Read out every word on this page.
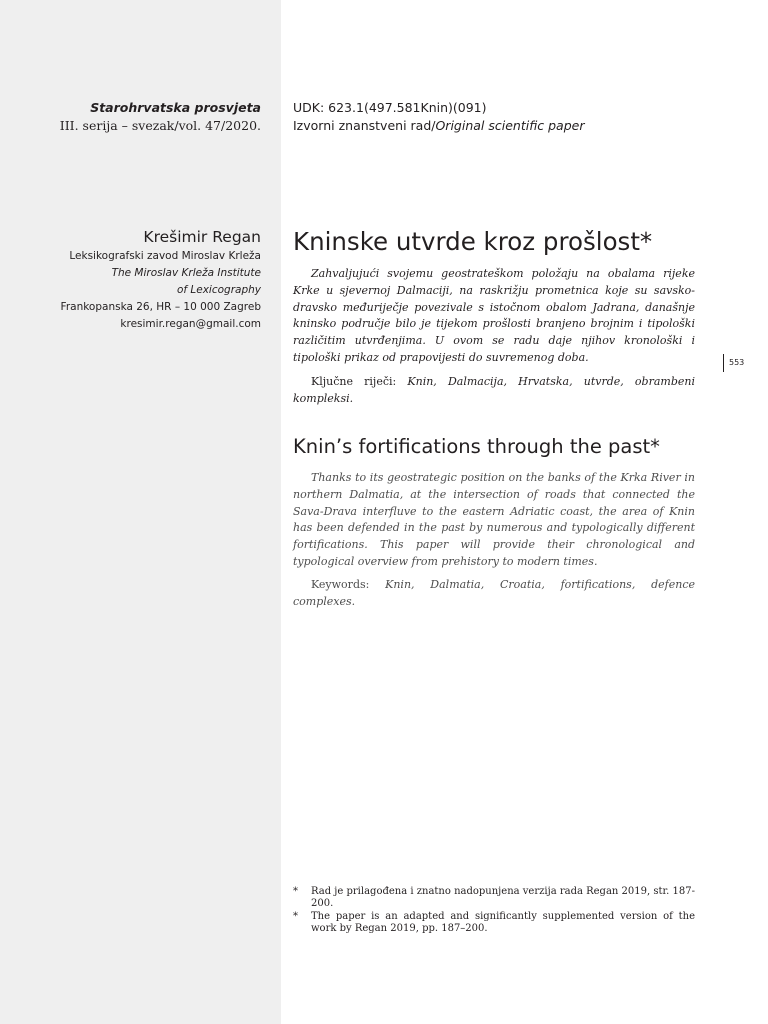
Starohrvatska prosvjeta
III. serija – svezak/vol. 47/2020.
Krešimir Regan
Leksikografski zavod Miroslav Krleža
The Miroslav Krleža Institute
of Lexicography
Frankopanska 26, HR – 10 000 Zagreb
kresimir.regan@gmail.com
UDK: 623.1(497.581Knin)(091)
Izvorni znanstveni rad/Original scientific paper
Kninske utvrde kroz prošlost*

Zahvaljujući svojemu geostrateškom položaju na obalama rijeke Krke u sjevernoj Dalmaciji, na raskrižju prometnica koje su savsko-dravsko međuriječje povezivale s istočnom obalom Jadrana, današnje kninsko područje bilo je tijekom prošlosti branjeno brojnim i tipološki različitim utvrđenjima. U ovom se radu daje njihov kronološki i tipološki prikaz od prapovijesti do suvremenog doba.

Ključne riječi: Knin, Dalmacija, Hrvatska, utvrde, obrambeni kompleksi.

553
Knin’s fortifications through the past*

Thanks to its geostrategic position on the banks of the Krka River in northern Dalmatia, at the intersection of roads that connected the Sava-Drava interfluve to the eastern Adriatic coast, the area of Knin has been defended in the past by numerous and typologically different fortifications. This paper will provide their chronological and typological overview from prehistory to modern times.

Keywords: Knin, Dalmatia, Croatia, fortifications, defence complexes.

* Rad je prilagođena i znatno nadopunjena verzija rada Regan 2019, str. 187-200.
* The paper is an adapted and significantly supplemented version of the work by Regan 2019, pp. 187–200.
